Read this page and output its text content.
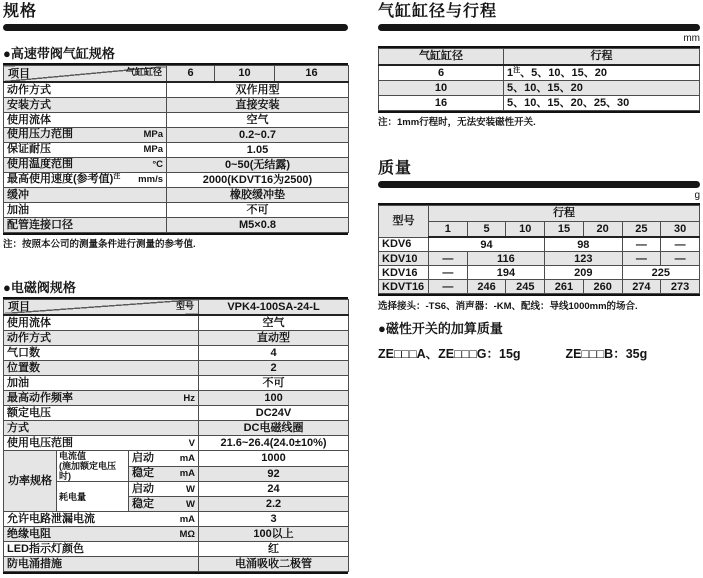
规格
●高速带阀气缸规格
项目 气缸缸径	6	10	16

动作方式	双作用型		

安装方式	直接安装		

使用流体	空气		

使用压力范围 MPa	0.2~0.7		

保证耐压 MPa	1.05		

使用温度范围 °C	0~50(无结露)		

最高使用速度(参考值)$^注$ mm/s	2000(KDVT16为2500)		

缓冲	橡胶缓冲垫		

加油	不可		

配管连接口径	M5×0.8		
注：按照本公司的测量条件进行测量的参考值.
●电磁阀规格
项目 型号			VPK4-100SA-24-L

使用流体			空气

动作方式			直动型

气口数			4

位置数			2

加油			不可

最高动作频率 Hz			100

额定电压			DC24V

方式			DC电磁线圈

使用电压范围 V			21.6~26.4(24.0±10%)
功率规格	电流值
(施加额定电压时)	启动 mA	1000

		稳定 mA	92
	耗电量	启动 W	24

		稳定 W	2.2

允许电路泄漏电流 mA			3

绝缘电阻 MΩ			100以上

LED指示灯颜色			红

防电涌措施			电涌吸收二极管
气缸缸径与行程
mm
气缸缸径	行程
6	1$^注$、5、10、15、20
10	5、10、15、20
16	5、10、15、20、25、30
注：1mm行程时，无法安装磁性开关.
质量
g
型号	行程						
	1	5	10	15	20	25	30
KDV6	94			98		—	—
KDV10	—	116		123		—	—
KDV16	—	194		209		225	
KDVT16	—	246	245	261	260	274	273
选择接头：-TS6、消声器：-KM、配线：导线1000mm的场合.
●磁性开关的加算质量
ZE□□□A、ZE□□□G：15g	ZE□□□B：35g
